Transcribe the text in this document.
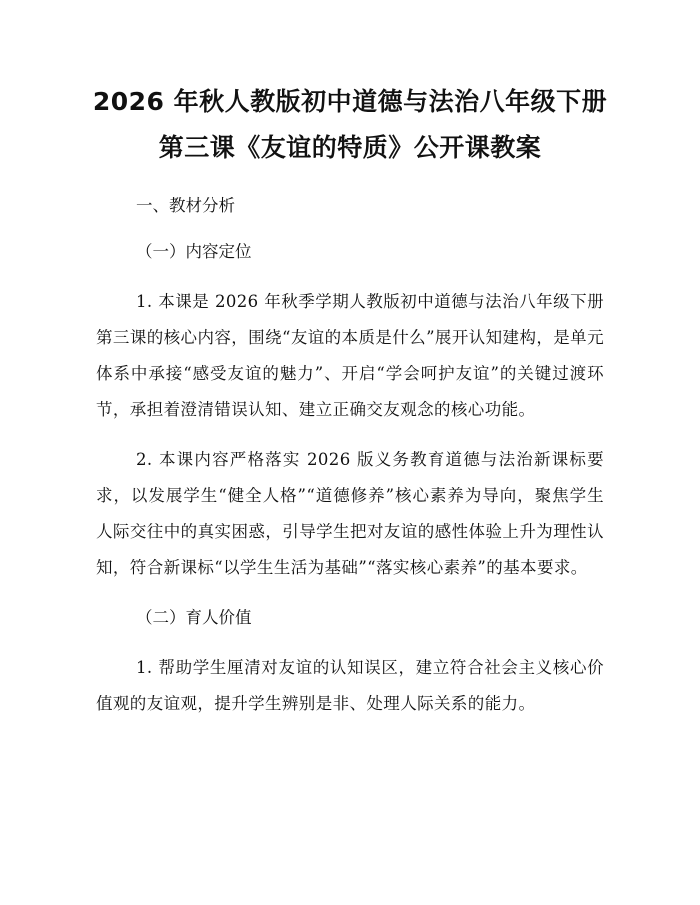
2026 年秋人教版初中道德与法治八年级下册
第三课《友谊的特质》公开课教案

一、教材分析

（一）内容定位

1. 本课是 2026 年秋季学期人教版初中道德与法治八年级下册第三课的核心内容，围绕“友谊的本质是什么”展开认知建构，是单元体系中承接“感受友谊的魅力”、开启“学会呵护友谊”的关键过渡环节，承担着澄清错误认知、建立正确交友观念的核心功能。

2. 本课内容严格落实 2026 版义务教育道德与法治新课标要求，以发展学生“健全人格”“道德修养”核心素养为导向，聚焦学生人际交往中的真实困惑，引导学生把对友谊的感性体验上升为理性认知，符合新课标“以学生生活为基础”“落实核心素养”的基本要求。

（二）育人价值

1. 帮助学生厘清对友谊的认知误区，建立符合社会主义核心价值观的友谊观，提升学生辨别是非、处理人际关系的能力。
